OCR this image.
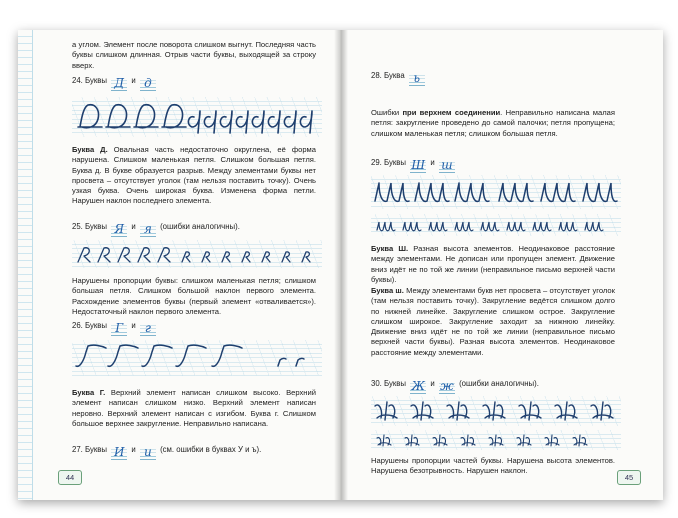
а углом. Элемент после поворота слишком выгнут. Последняя часть буквы слишком длинная. Отрыв части буквы, выходящей за строку вверх.
24. Буквы Д и д
Буква Д. Овальная часть недостаточно округлена, её форма нарушена. Слишком маленькая петля. Слишком большая петля. Буква д. В букве образуется разрыв. Между элементами буквы нет просвета – отсутствует уголок (там нельзя поставить точку). Очень узкая буква. Очень широкая буква. Изменена форма петли. Нарушен наклон последнего элемента.
25. Буквы Я и я (ошибки аналогичны).
Нарушены пропорции буквы: слишком маленькая петля; слишком большая петля. Слишком большой наклон первого элемента. Расхождение элементов буквы (первый элемент «отваливается»). Недостаточный наклон первого элемента.
26. Буквы Г и г
Буква Г. Верхний элемент написан слишком высоко. Верхний элемент написан слишком низко. Верхний элемент написан неровно. Верхний элемент написан с изгибом. Буква г. Слишком большое верхнее закругление. Неправильно написана.
27. Буквы И и и (см. ошибки в буквах У и ъ).
44
28. Буква ь
Ошибки при верхнем соединении. Неправильно написана малая петля: закругление проведено до самой палочки; петля пропущена; слишком маленькая петля; слишком большая петля.
29. Буквы Ш и ш
Буква Ш. Разная высота элементов. Неодинаковое расстояние между элементами. Не дописан или пропущен элемент. Движение вниз идёт не по той же линии (неправильное письмо верхней части буквы).
Буква ш. Между элементами букв нет просвета – отсутствует уголок (там нельзя поставить точку). Закругление ведётся слишком долго по нижней линейке. Закругление слишком острое. Закругление слишком широкое. Закругление заходит за нижнюю линейку. Движение вниз идёт не по той же линии (неправильное письмо верхней части буквы). Разная высота элементов. Неодинаковое расстояние между элементами.
30. Буквы Ж и ж (ошибки аналогичны).
Нарушены пропорции частей буквы. Нарушена высота элементов. Нарушена безотрывность. Нарушен наклон.
45
